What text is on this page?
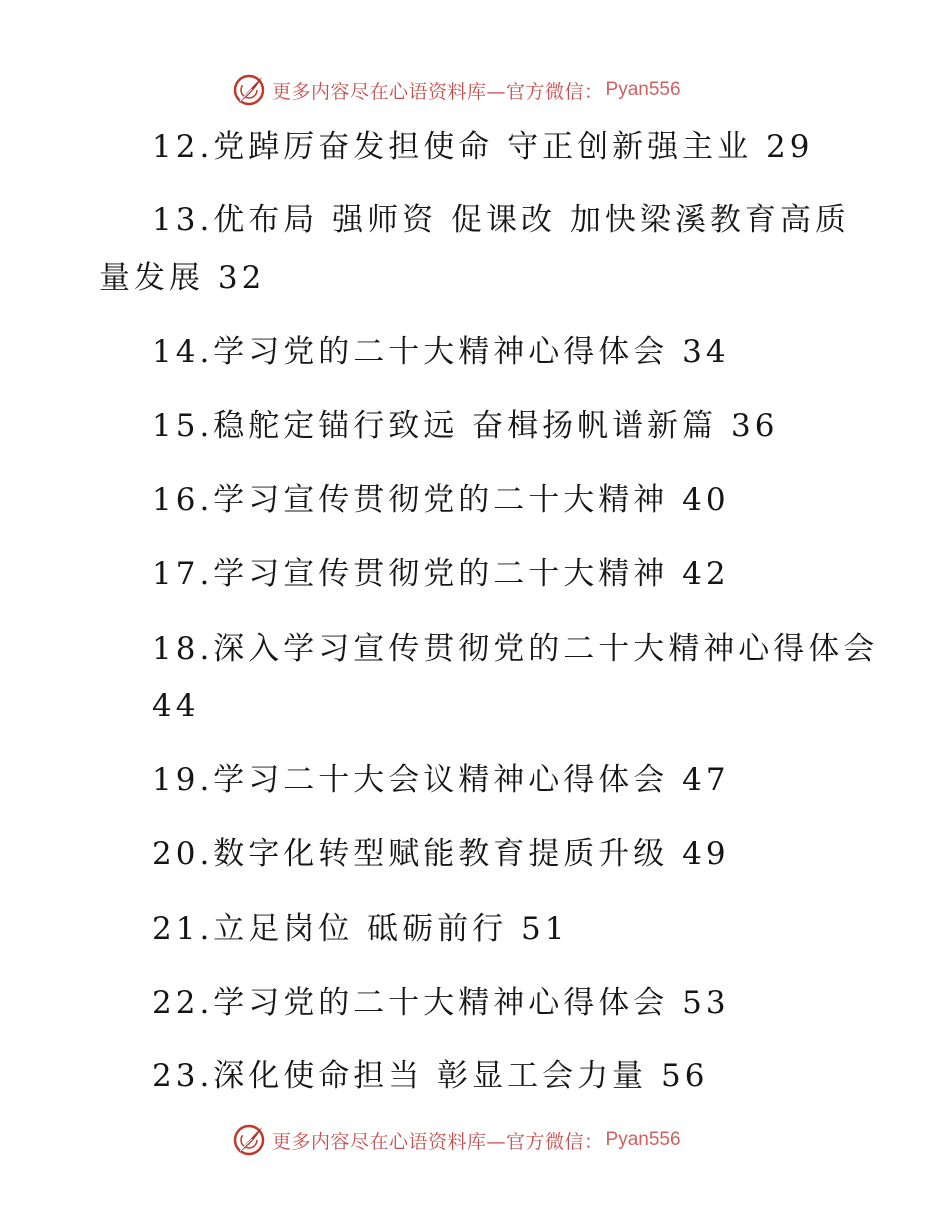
更多内容尽在心语资料库—官方微信： Pyan556
12.党踔厉奋发担使命 守正创新强主业 29
13.优布局 强师资 促课改 加快梁溪教育高质
量发展 32
14.学习党的二十大精神心得体会 34
15.稳舵定锚行致远 奋楫扬帆谱新篇 36
16.学习宣传贯彻党的二十大精神 40
17.学习宣传贯彻党的二十大精神 42
18.深入学习宣传贯彻党的二十大精神心得体会
44
19.学习二十大会议精神心得体会 47
20.数字化转型赋能教育提质升级 49
21.立足岗位 砥砺前行 51
22.学习党的二十大精神心得体会 53
23.深化使命担当 彰显工会力量 56
更多内容尽在心语资料库—官方微信： Pyan556
